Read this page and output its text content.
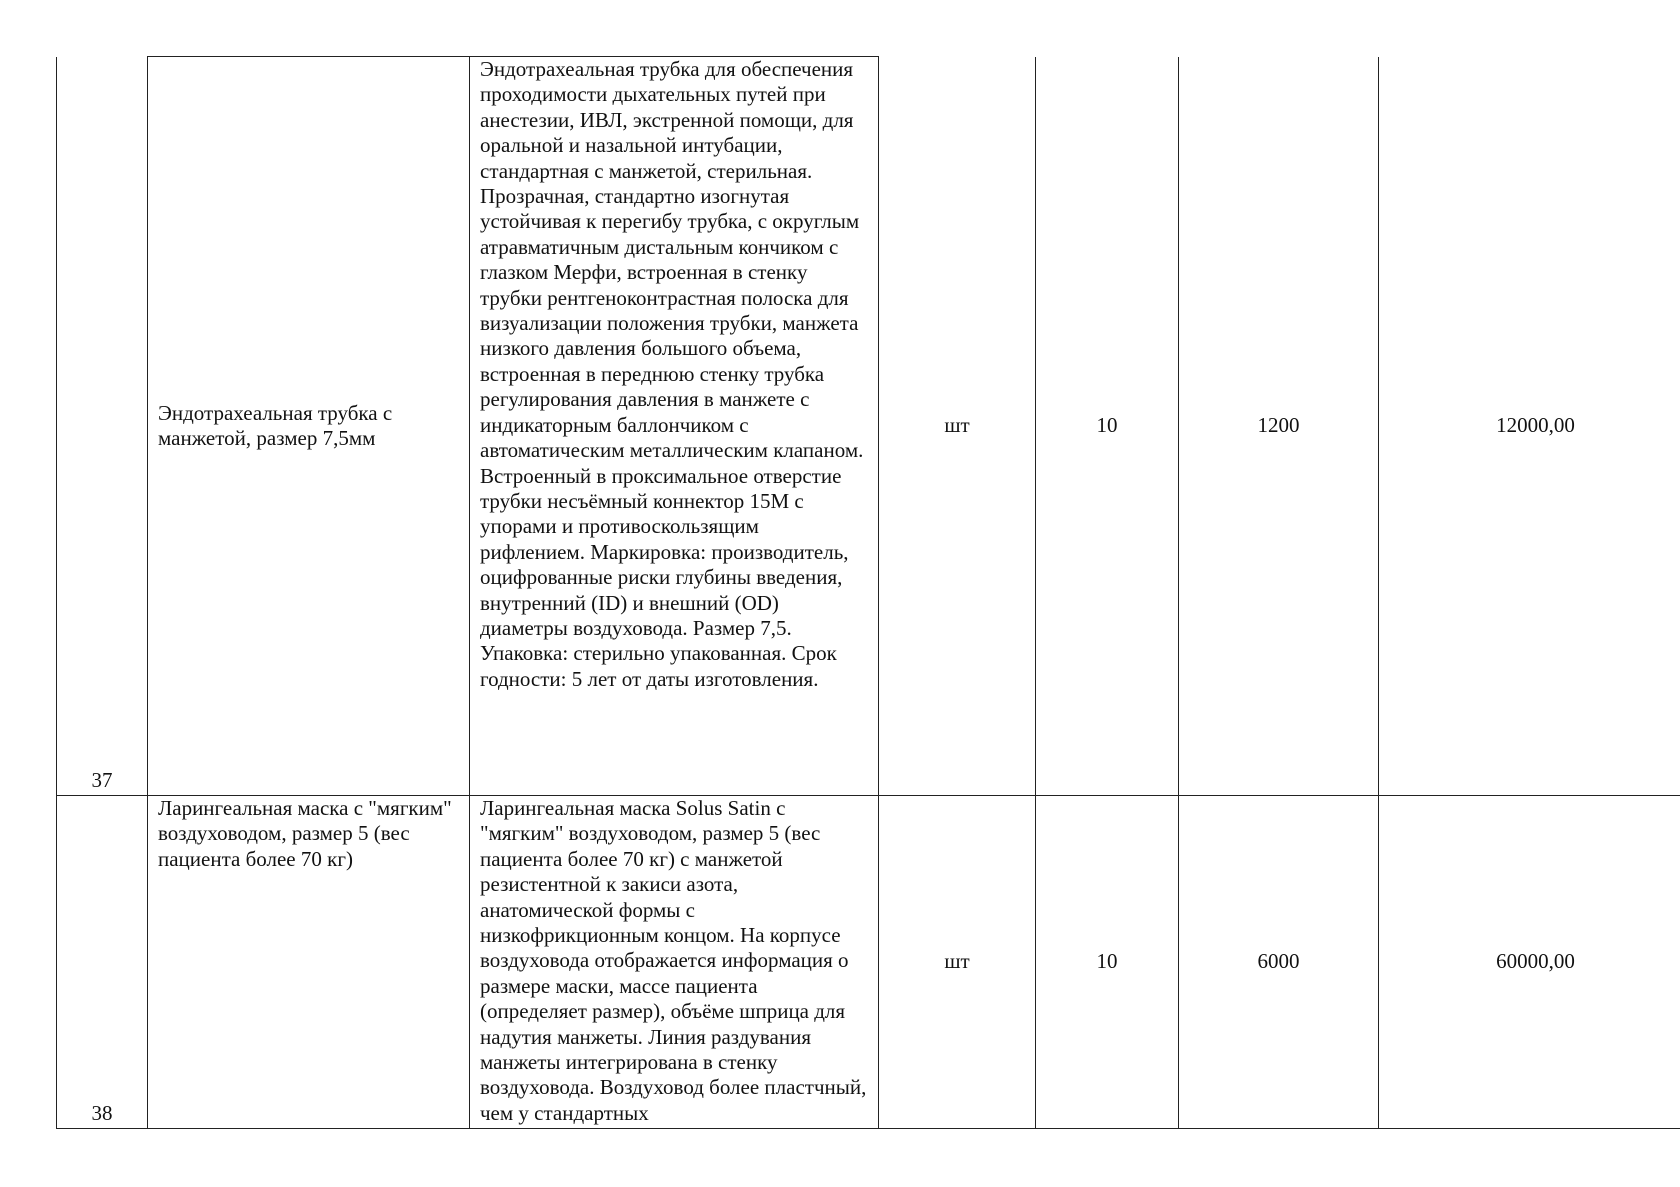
37	Эндотрахеальная трубка с манжетой, размер 7,5мм	Эндотрахеальная трубка для обеспечения проходимости дыхательных путей при анестезии, ИВЛ, экстренной помощи, для оральной и назальной интубации, стандартная с манжетой, стерильная. Прозрачная, стандартно изогнутая устойчивая к перегибу трубка, с округлым атравматичным дистальным кончиком с глазком Мерфи, встроенная в стенку трубки рентгеноконтрастная полоска для визуализации положения трубки, манжета низкого давления большого объема, встроенная в переднюю стенку трубка регулирования давления в манжете с индикаторным баллончиком с автоматическим металлическим клапаном. Встроенный в проксимальное отверстие трубки несъёмный коннектор 15М с упорами и противоскользящим рифлением. Маркировка: производитель, оцифрованные риски глубины введения, внутренний (ID) и внешний (OD) диаметры воздуховода. Размер 7,5. Упаковка: стерильно упакованная. Срок годности: 5 лет от даты изготовления.	шт	10	1200	12000,00

38	Ларингеальная маска с "мягким" воздуховодом, размер 5 (вес пациента более 70 кг)	Ларингеальная маска Solus Satin с "мягким" воздуховодом, размер 5 (вес пациента более 70 кг) с манжетой резистентной к закиси азота, анатомической формы с низкофрикционным концом. На корпусе воздуховода отображается информация о размере маски, массе пациента (определяет размер), объёме шприца для надутия манжеты. Линия раздувания манжеты интегрирована в стенку воздуховода. Воздуховод более пластчный, чем у стандартных	шт	10	6000	60000,00
